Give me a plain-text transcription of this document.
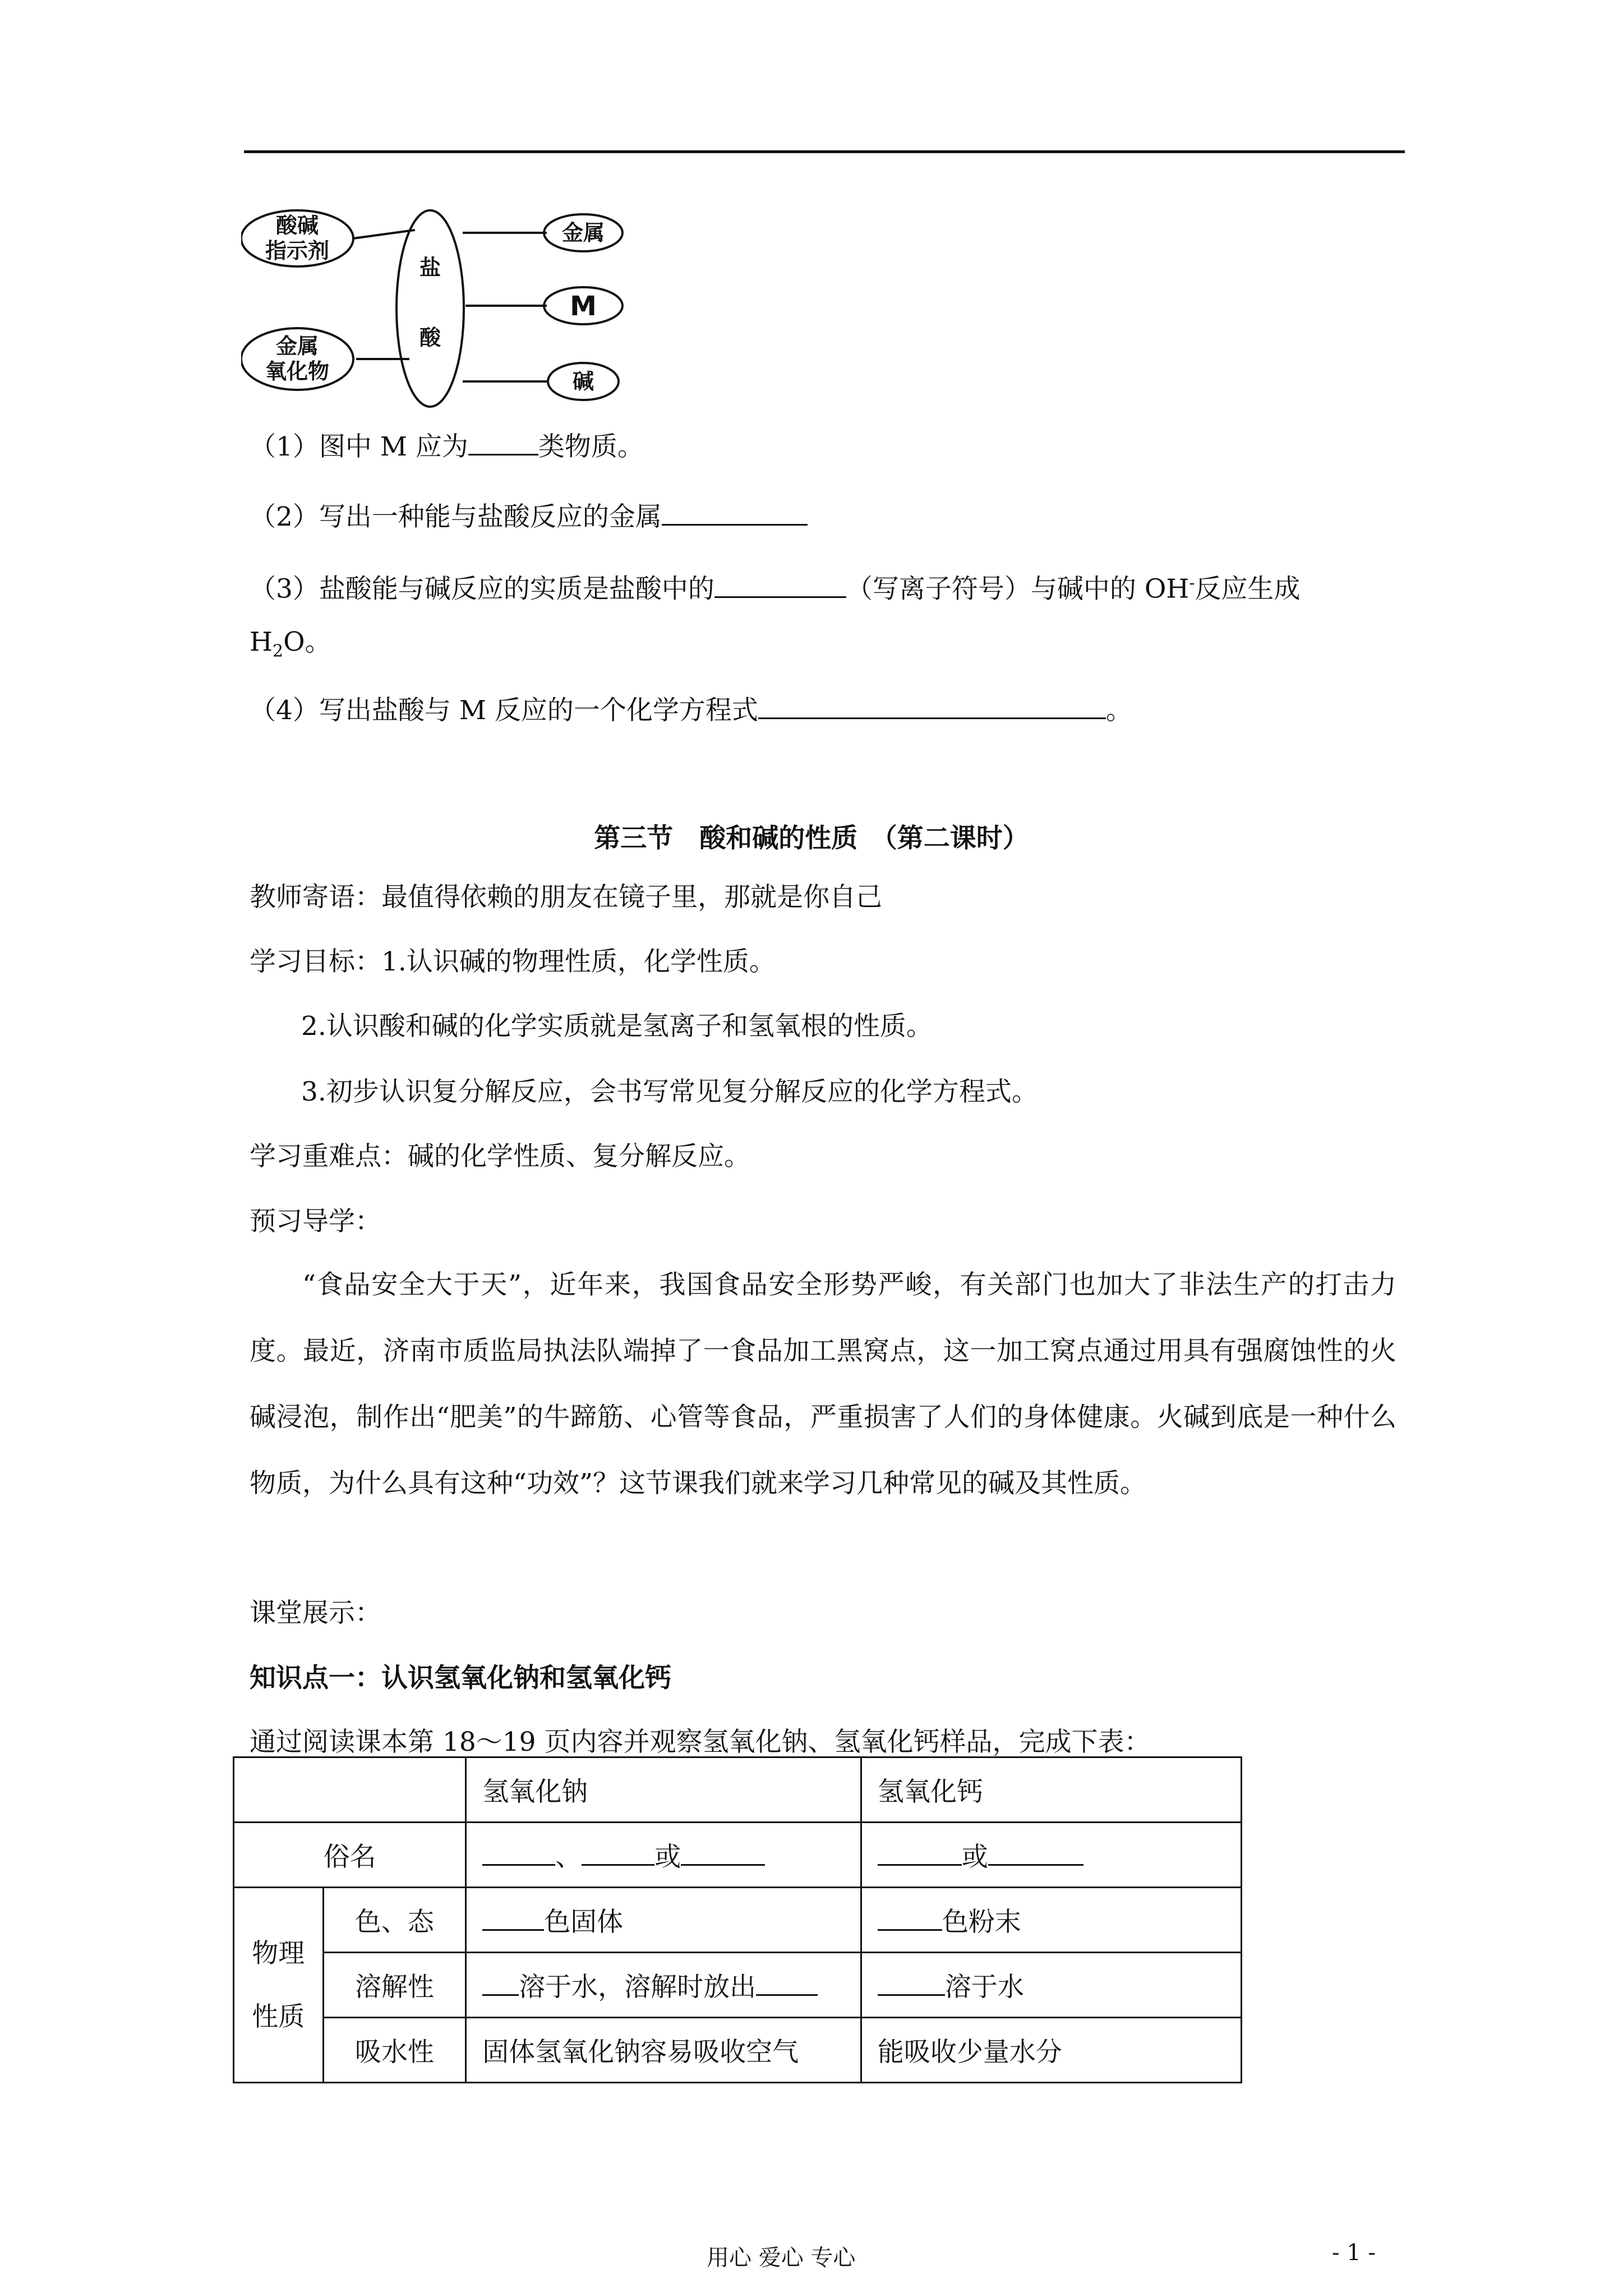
酸碱
指示剂
金属
氧化物
盐
酸
金属
M
碱
（1）图中 M 应为	类物质。
（2）写出一种能与盐酸反应的金属
（3）盐酸能与碱反应的实质是盐酸中的	（写离子符号）与碱中的 OH-反应生成
$H_2O$。
（4）写出盐酸与 M 反应的一个化学方程式	。
第三节　酸和碱的性质　（第二课时）
教师寄语：最值得依赖的朋友在镜子里，那就是你自己
学习目标：1.认识碱的物理性质，化学性质。
2.认识酸和碱的化学实质就是氢离子和氢氧根的性质。
3.初步认识复分解反应，会书写常见复分解反应的化学方程式。
学习重难点：碱的化学性质、复分解反应。
预习导学：
“食品安全大于天”，近年来，我国食品安全形势严峻，有关部门也加大了非法生产的打击力度。最近，济南市质监局执法队端掉了一食品加工黑窝点，这一加工窝点通过用具有强腐蚀性的火碱浸泡，制作出“肥美”的牛蹄筋、心管等食品，严重损害了人们的身体健康。火碱到底是一种什么物质，为什么具有这种“功效”？这节课我们就来学习几种常见的碱及其性质。
课堂展示：
知识点一：认识氢氧化钠和氢氧化钙
通过阅读课本第 18～19 页内容并观察氢氧化钠、氢氧化钙样品，完成下表：
		氢氧化钠	氢氧化钙
俗名		、 或	或
物理
性质	色、态	色固体	色粉末
	溶解性	溶于水，溶解时放出	溶于水
	吸水性	固体氢氧化钠容易吸收空气	能吸收少量水分
用心 爱心 专心	- 1 -
